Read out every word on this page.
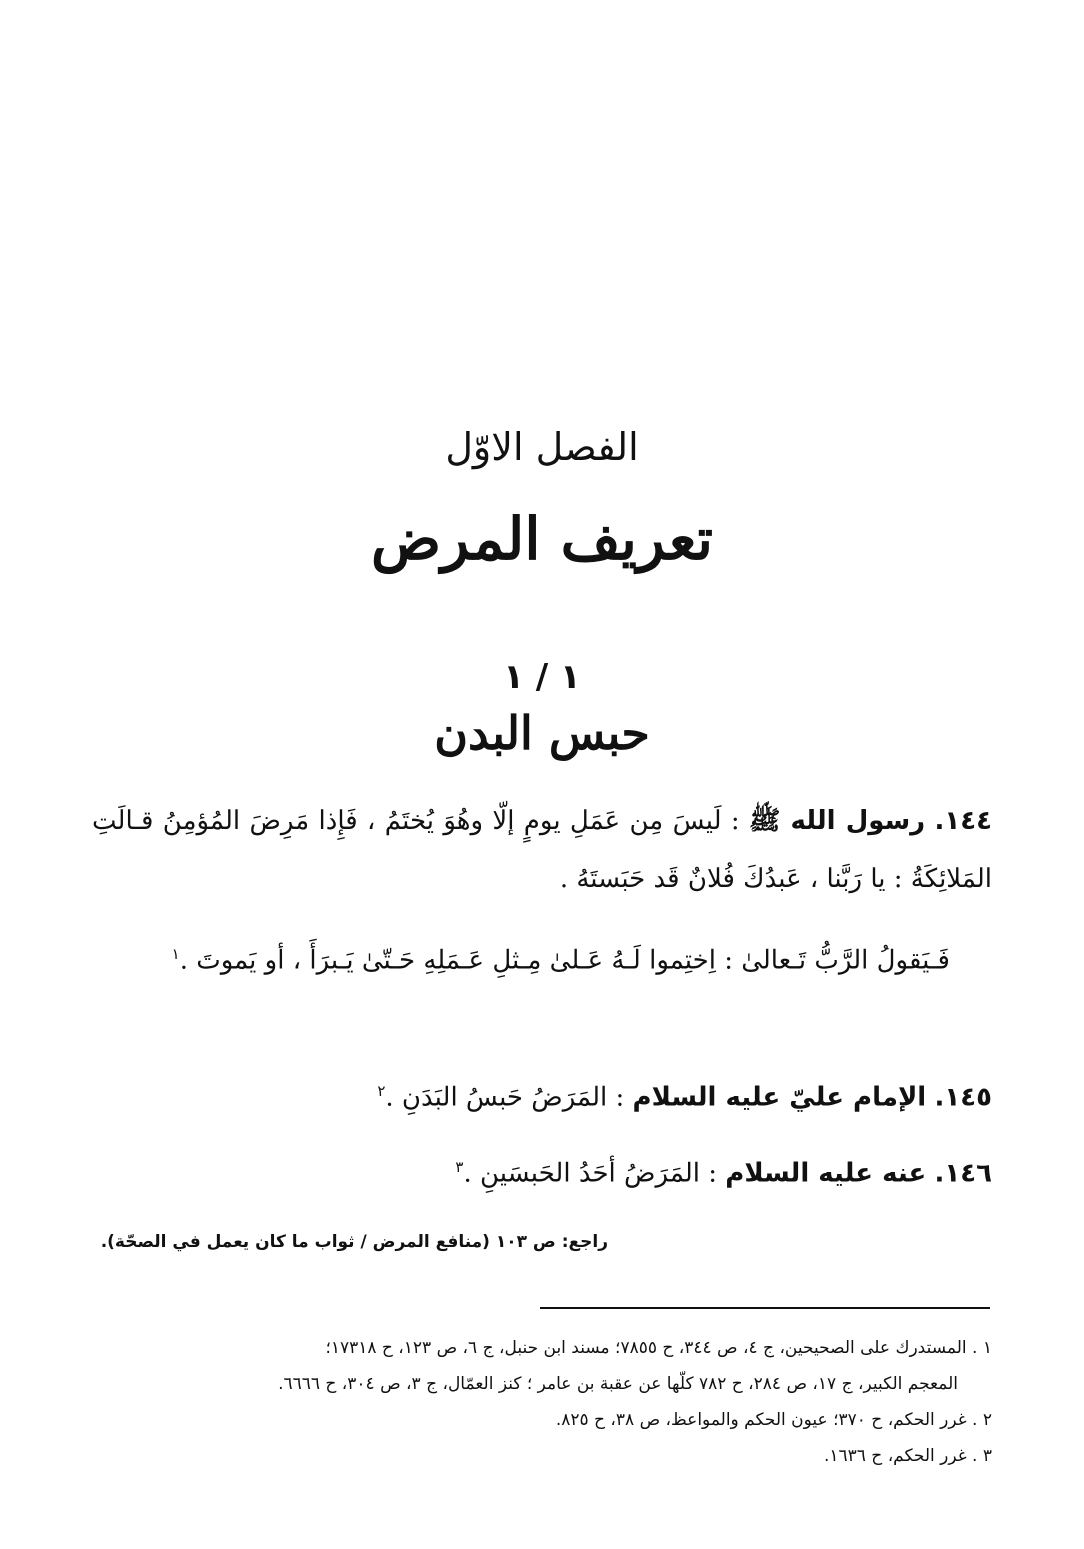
الفصل الاوّل
تعريف المرض
١ / ١
حبس البدن
١٤٤. رسول الله ﷺ : لَيسَ مِن عَمَلِ يومٍ إلّا وهُوَ يُختَمُ ، فَإِذا مَرِضَ المُؤمِنُ قـالَتِ المَلائِكَةُ : يا رَبَّنا ، عَبدُكَ فُلانٌ قَد حَبَستَهُ .
فَـيَقولُ الرَّبُّ تَـعالىٰ : اِختِموا لَـهُ عَـلىٰ مِـثلِ عَـمَلِهِ حَـتّىٰ يَـبرَأَ ، أو يَموتَ .$^١$
١٤٥. الإمام عليّ عليه السلام : المَرَضُ حَبسُ البَدَنِ .$^٢$
١٤٦. عنه عليه السلام : المَرَضُ أحَدُ الحَبسَينِ .$^٣$
راجع: ص ١٠٣ (منافع المرض / ثواب ما كان يعمل في الصحّة).
١ . المستدرك على الصحيحين، ج ٤، ص ٣٤٤، ح ٧٨٥٥؛ مسند ابن حنبل، ج ٦، ص ١٢٣، ح ١٧٣١٨؛
المعجم الكبير، ج ١٧، ص ٢٨٤، ح ٧٨٢ كلّها عن عقبة بن عامر ؛ كنز العمّال، ج ٣، ص ٣٠٤، ح ٦٦٦٦.
٢ . غرر الحكم، ح ٣٧٠؛ عيون الحكم والمواعظ، ص ٣٨، ح ٨٢٥.
٣ . غرر الحكم، ح ١٦٣٦.
